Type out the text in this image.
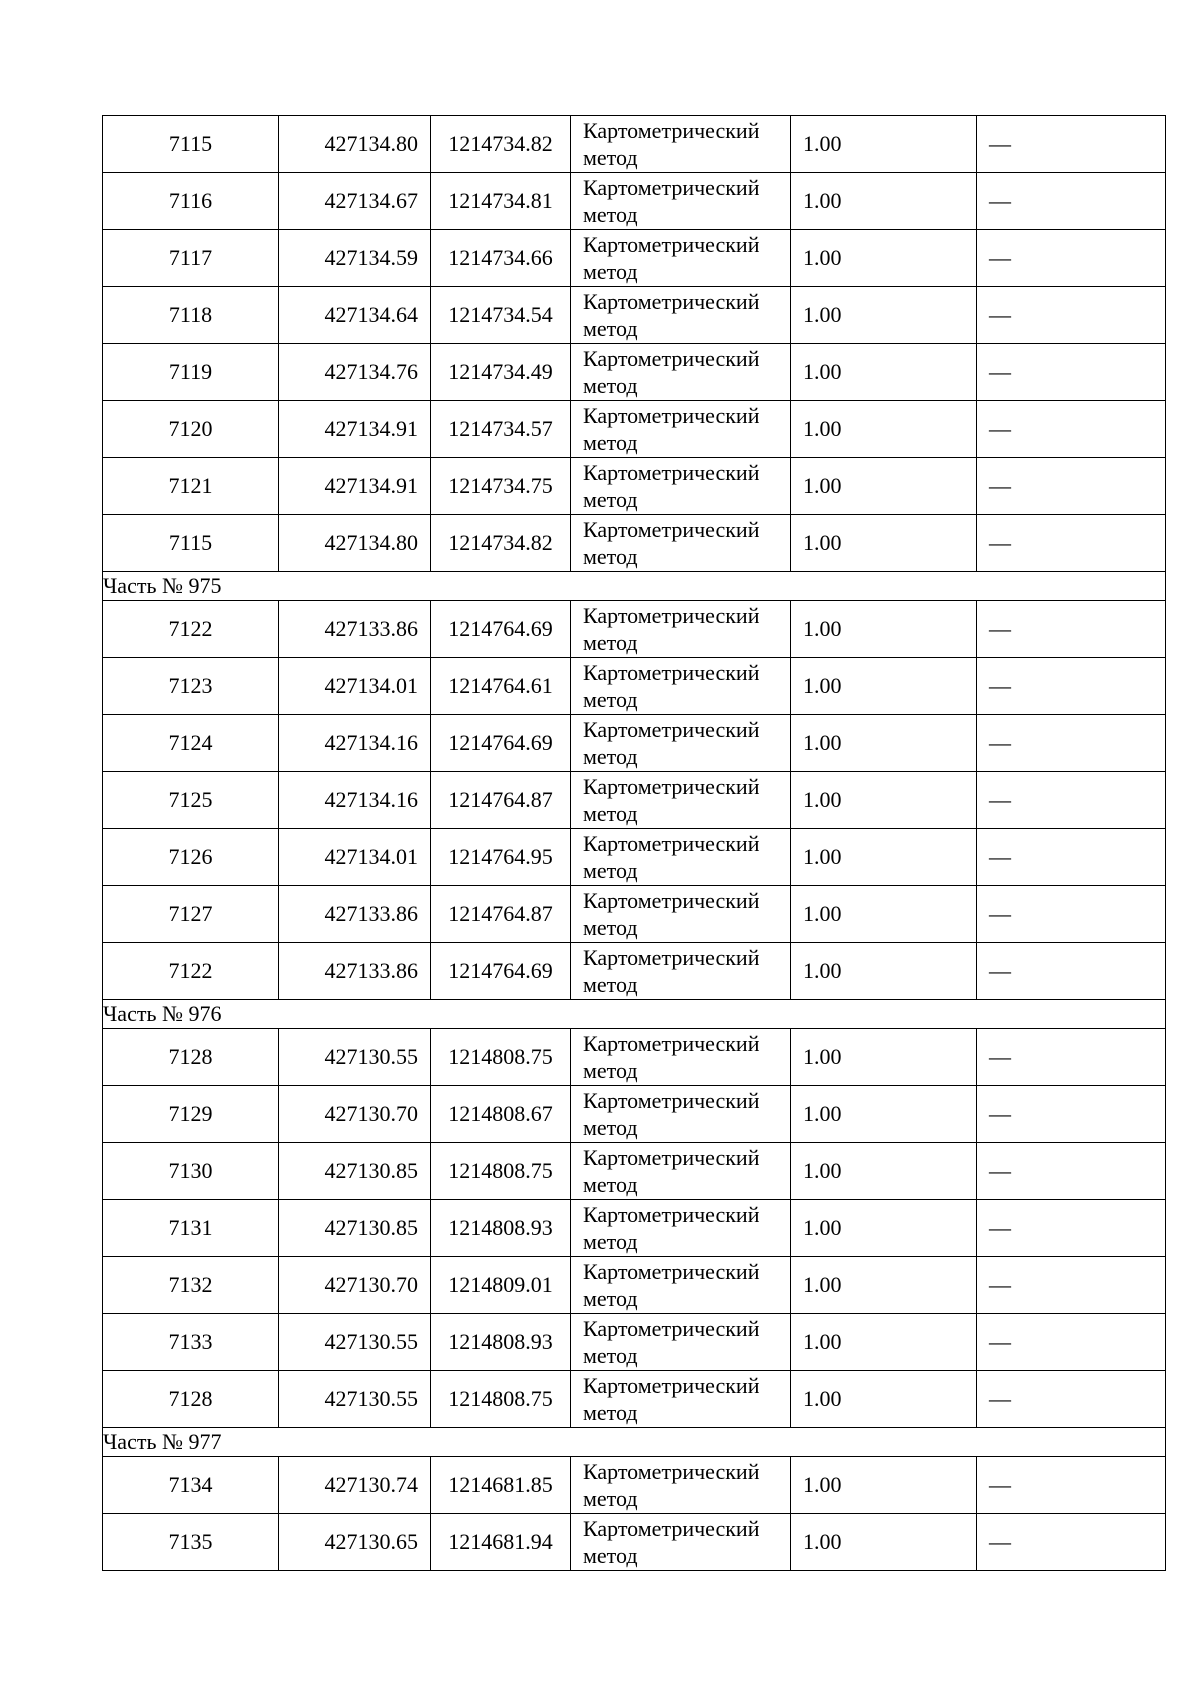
7115	427134.80	1214734.82	Картометрический метод	1.00	—
7116	427134.67	1214734.81	Картометрический метод	1.00	—
7117	427134.59	1214734.66	Картометрический метод	1.00	—
7118	427134.64	1214734.54	Картометрический метод	1.00	—
7119	427134.76	1214734.49	Картометрический метод	1.00	—
7120	427134.91	1214734.57	Картометрический метод	1.00	—
7121	427134.91	1214734.75	Картометрический метод	1.00	—
7115	427134.80	1214734.82	Картометрический метод	1.00	—
Часть № 975					
7122	427133.86	1214764.69	Картометрический метод	1.00	—
7123	427134.01	1214764.61	Картометрический метод	1.00	—
7124	427134.16	1214764.69	Картометрический метод	1.00	—
7125	427134.16	1214764.87	Картометрический метод	1.00	—
7126	427134.01	1214764.95	Картометрический метод	1.00	—
7127	427133.86	1214764.87	Картометрический метод	1.00	—
7122	427133.86	1214764.69	Картометрический метод	1.00	—
Часть № 976					
7128	427130.55	1214808.75	Картометрический метод	1.00	—
7129	427130.70	1214808.67	Картометрический метод	1.00	—
7130	427130.85	1214808.75	Картометрический метод	1.00	—
7131	427130.85	1214808.93	Картометрический метод	1.00	—
7132	427130.70	1214809.01	Картометрический метод	1.00	—
7133	427130.55	1214808.93	Картометрический метод	1.00	—
7128	427130.55	1214808.75	Картометрический метод	1.00	—
Часть № 977					
7134	427130.74	1214681.85	Картометрический метод	1.00	—
7135	427130.65	1214681.94	Картометрический метод	1.00	—
